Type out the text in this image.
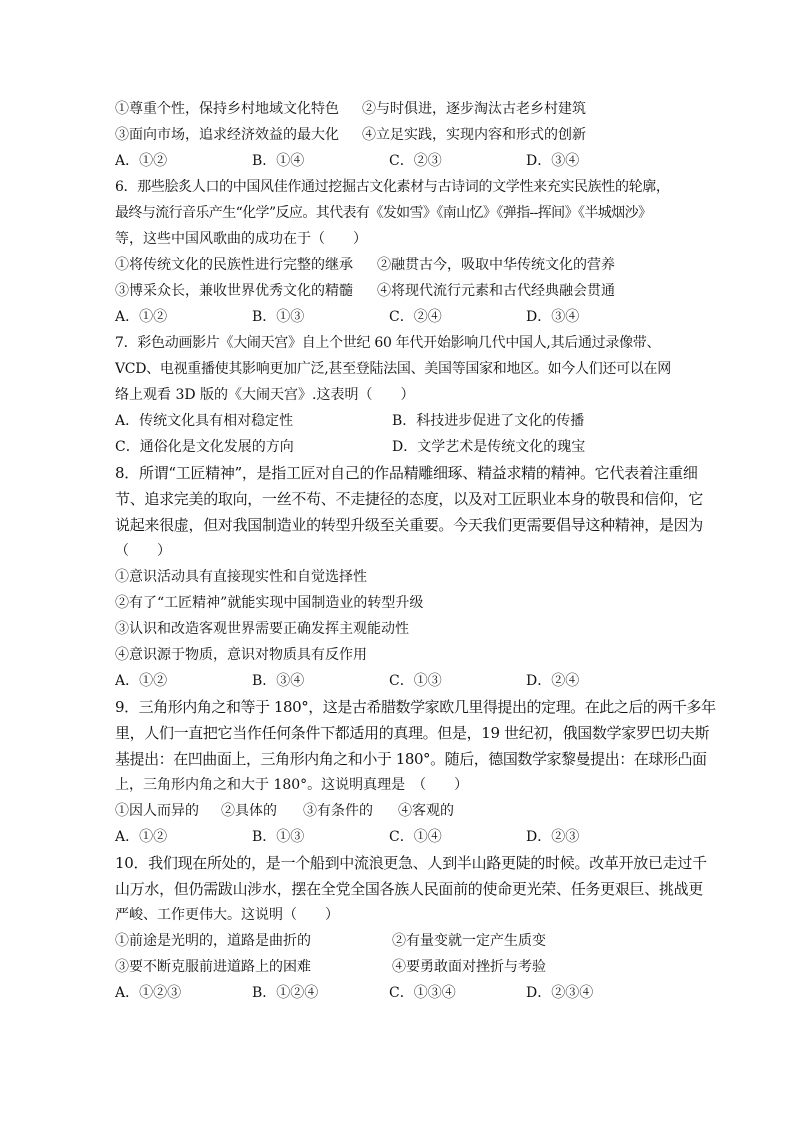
①尊重个性，保持乡村地域文化特色 ②与时俱进，逐步淘汰古老乡村建筑
③面向市场，追求经济效益的最大化 ④立足实践，实现内容和形式的创新
A．①②	B．①④	C．②③	D．③④
6．那些脍炙人口的中国风佳作通过挖掘古文化素材与古诗词的文学性来充实民族性的轮廓，
最终与流行音乐产生“化学”反应。其代表有《发如雪》《南山忆》《弹指--挥间》《半城烟沙》
等，这些中国风歌曲的成功在于（　　）
①将传统文化的民族性进行完整的继承 ②融贯古今，吸取中华传统文化的营养
③博采众长，兼收世界优秀文化的精髓 ④将现代流行元素和古代经典融会贯通
A．①②	B．①③	C．②④	D．③④
7．彩色动画影片《大闹天宫》自上个世纪 60 年代开始影响几代中国人,其后通过录像带、
VCD、电视重播使其影响更加广泛,甚至登陆法国、美国等国家和地区。如今人们还可以在网
络上观看 3D 版的《大闹天宫》.这表明（　　）
A．传统文化具有相对稳定性	B．科技进步促进了文化的传播
C．通俗化是文化发展的方向	D．文学艺术是传统文化的瑰宝
8．所谓“工匠精神”，是指工匠对自己的作品精雕细琢、精益求精的精神。它代表着注重细
节、追求完美的取向，一丝不苟、不走捷径的态度，以及对工匠职业本身的敬畏和信仰，它
说起来很虚，但对我国制造业的转型升级至关重要。今天我们更需要倡导这种精神，是因为
（　　）
①意识活动具有直接现实性和自觉选择性
②有了“工匠精神”就能实现中国制造业的转型升级
③认识和改造客观世界需要正确发挥主观能动性
④意识源于物质，意识对物质具有反作用
A．①②	B．③④	C．①③	D．②④
9．三角形内角之和等于 180°，这是古希腊数学家欧几里得提出的定理。在此之后的两千多年
里，人们一直把它当作任何条件下都适用的真理。但是，19 世纪初，俄国数学家罗巴切夫斯
基提出：在凹曲面上，三角形内角之和小于 180°。随后，德国数学家黎曼提出：在球形凸面
上，三角形内角之和大于 180°。这说明真理是　（　　）
①因人而异的 ②具体的 ③有条件的 ④客观的　
A．①②	B．①③	C．①④	D．②③　
10．我们现在所处的，是一个船到中流浪更急、人到半山路更陡的时候。改革开放已走过千
山万水，但仍需跋山涉水，摆在全党全国各族人民面前的使命更光荣、任务更艰巨、挑战更
严峻、工作更伟大。这说明（　　）
①前途是光明的，道路是曲折的	②有量变就一定产生质变
③要不断克服前进道路上的困难	④要勇敢面对挫折与考验
A．①②③	B．①②④	C．①③④	D．②③④
